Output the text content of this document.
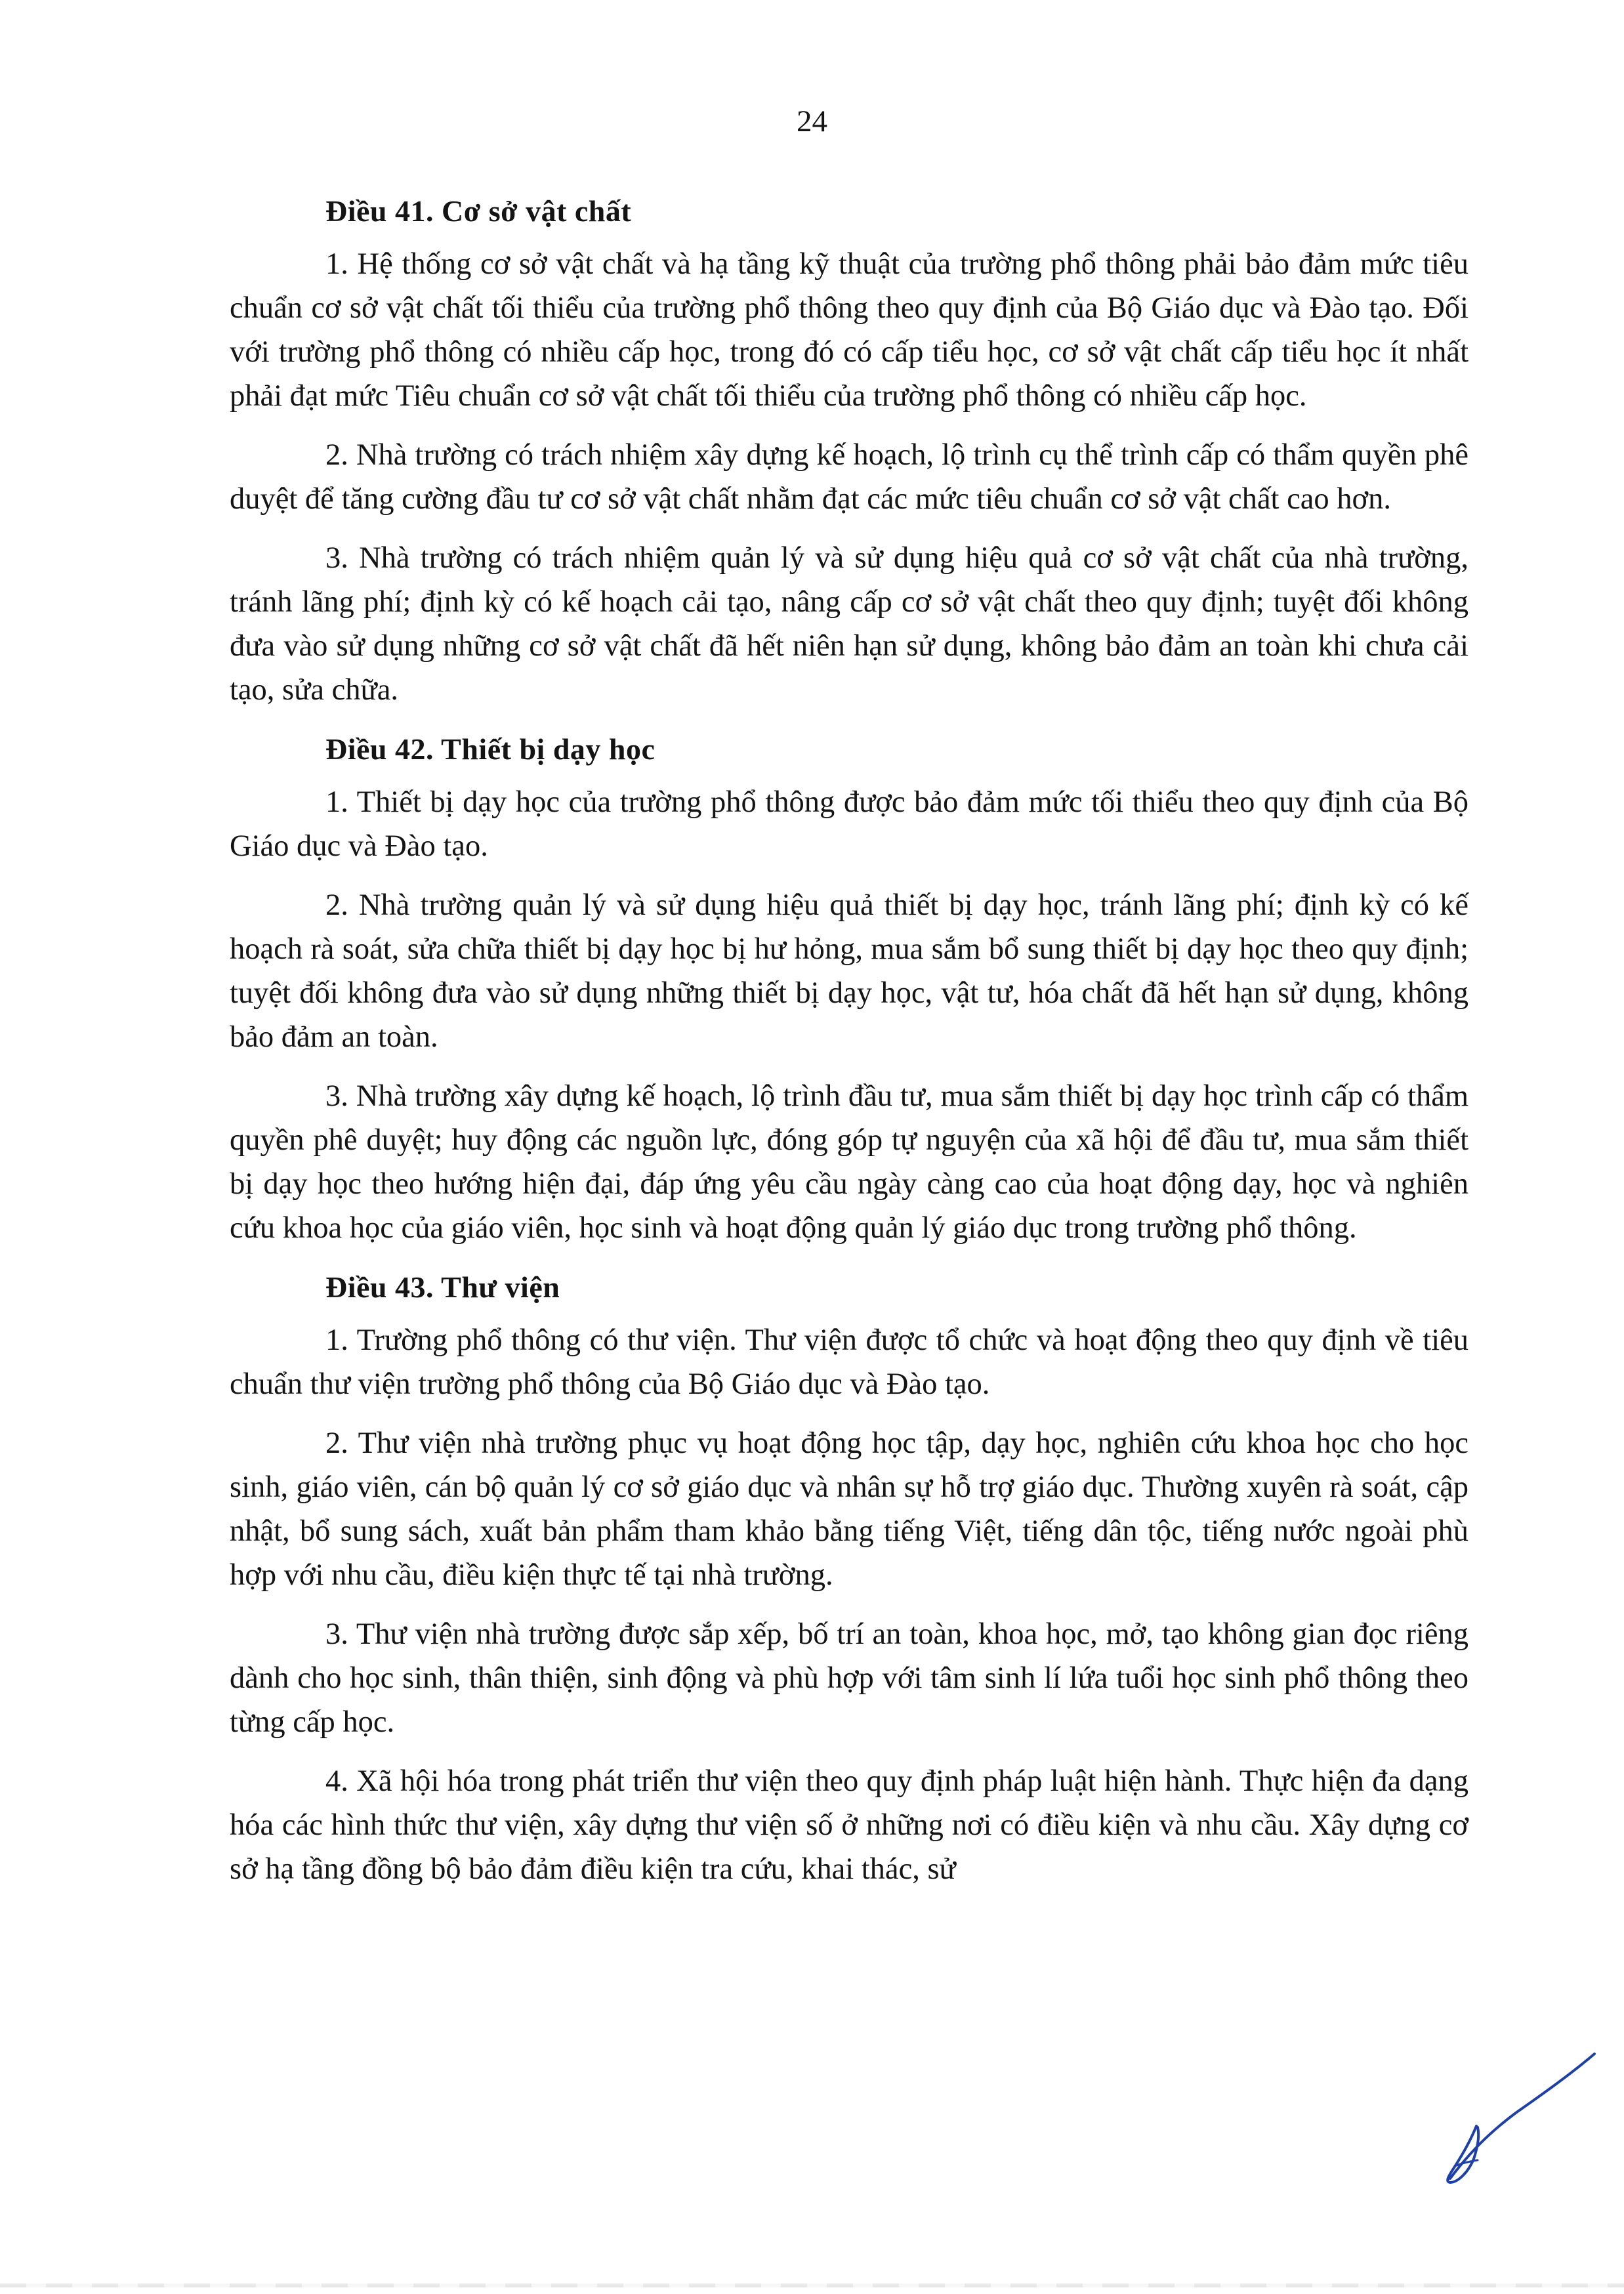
24
Điều 41. Cơ sở vật chất

1. Hệ thống cơ sở vật chất và hạ tầng kỹ thuật của trường phổ thông phải bảo đảm mức tiêu chuẩn cơ sở vật chất tối thiểu của trường phổ thông theo quy định của Bộ Giáo dục và Đào tạo. Đối với trường phổ thông có nhiều cấp học, trong đó có cấp tiểu học, cơ sở vật chất cấp tiểu học ít nhất phải đạt mức Tiêu chuẩn cơ sở vật chất tối thiểu của trường phổ thông có nhiều cấp học.

2. Nhà trường có trách nhiệm xây dựng kế hoạch, lộ trình cụ thể trình cấp có thẩm quyền phê duyệt để tăng cường đầu tư cơ sở vật chất nhằm đạt các mức tiêu chuẩn cơ sở vật chất cao hơn.

3. Nhà trường có trách nhiệm quản lý và sử dụng hiệu quả cơ sở vật chất của nhà trường, tránh lãng phí; định kỳ có kế hoạch cải tạo, nâng cấp cơ sở vật chất theo quy định; tuyệt đối không đưa vào sử dụng những cơ sở vật chất đã hết niên hạn sử dụng, không bảo đảm an toàn khi chưa cải tạo, sửa chữa.

Điều 42. Thiết bị dạy học

1. Thiết bị dạy học của trường phổ thông được bảo đảm mức tối thiểu theo quy định của Bộ Giáo dục và Đào tạo.

2. Nhà trường quản lý và sử dụng hiệu quả thiết bị dạy học, tránh lãng phí; định kỳ có kế hoạch rà soát, sửa chữa thiết bị dạy học bị hư hỏng, mua sắm bổ sung thiết bị dạy học theo quy định; tuyệt đối không đưa vào sử dụng những thiết bị dạy học, vật tư, hóa chất đã hết hạn sử dụng, không bảo đảm an toàn.

3. Nhà trường xây dựng kế hoạch, lộ trình đầu tư, mua sắm thiết bị dạy học trình cấp có thẩm quyền phê duyệt; huy động các nguồn lực, đóng góp tự nguyện của xã hội để đầu tư, mua sắm thiết bị dạy học theo hướng hiện đại, đáp ứng yêu cầu ngày càng cao của hoạt động dạy, học và nghiên cứu khoa học của giáo viên, học sinh và hoạt động quản lý giáo dục trong trường phổ thông.

Điều 43. Thư viện

1. Trường phổ thông có thư viện. Thư viện được tổ chức và hoạt động theo quy định về tiêu chuẩn thư viện trường phổ thông của Bộ Giáo dục và Đào tạo.

2. Thư viện nhà trường phục vụ hoạt động học tập, dạy học, nghiên cứu khoa học cho học sinh, giáo viên, cán bộ quản lý cơ sở giáo dục và nhân sự hỗ trợ giáo dục. Thường xuyên rà soát, cập nhật, bổ sung sách, xuất bản phẩm tham khảo bằng tiếng Việt, tiếng dân tộc, tiếng nước ngoài phù hợp với nhu cầu, điều kiện thực tế tại nhà trường.

3. Thư viện nhà trường được sắp xếp, bố trí an toàn, khoa học, mở, tạo không gian đọc riêng dành cho học sinh, thân thiện, sinh động và phù hợp với tâm sinh lí lứa tuổi học sinh phổ thông theo từng cấp học.

4. Xã hội hóa trong phát triển thư viện theo quy định pháp luật hiện hành. Thực hiện đa dạng hóa các hình thức thư viện, xây dựng thư viện số ở những nơi có điều kiện và nhu cầu. Xây dựng cơ sở hạ tầng đồng bộ bảo đảm điều kiện tra cứu, khai thác, sử
